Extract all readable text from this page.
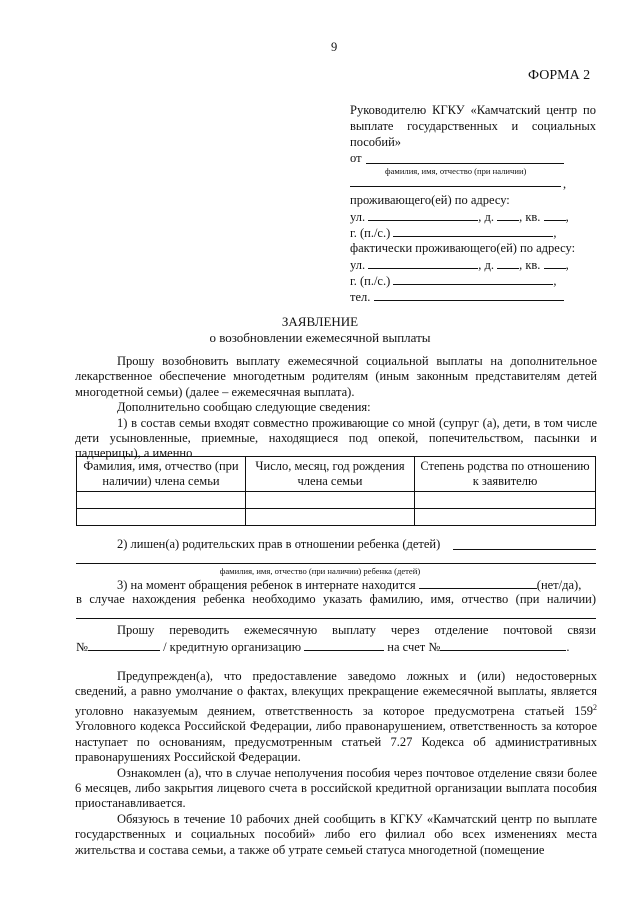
9
ФОРМА 2
Руководителю КГКУ «Камчатский центр по
выплате государственных и социальных
пособий»
от
фамилия, имя, отчество (при наличии)
,
проживающего(ей) по адресу:
ул.	, д. , кв. ,
г. (п./с.)	,
фактически проживающего(ей) по адресу:
ул.	, д. , кв. ,
г. (п./с.)	,
тел.
ЗАЯВЛЕНИЕ
о возобновлении ежемесячной выплаты
Прошу возобновить выплату ежемесячной социальной выплаты на дополнительное лекарственное обеспечение многодетным родителям (иным законным представителям детей многодетной семьи) (далее – ежемесячная выплата).
Дополнительно сообщаю следующие сведения:
1) в состав семьи входят совместно проживающие со мной (супруг (а), дети, в том числе дети усыновленные, приемные, находящиеся под опекой, попечительством, пасынки и падчерицы), а именно
Фамилия, имя, отчество (при наличии) члена семьи	Число, месяц, год рождения члена семьи	Степень родства по отношению к заявителю

2) лишен(а) родительских прав в отношении ребенка (детей)
фамилия, имя, отчество (при наличии) ребенка (детей)
3) на момент обращения ребенок в интернате находится	(нет/да),
в случае нахождения ребенка необходимо указать фамилию, имя, отчество (при наличии)
Прошу переводить ежемесячную выплату через отделение почтовой связи
№	/ кредитную организацию	на счет №	.
Предупрежден(а), что предоставление заведомо ложных и (или) недостоверных сведений, а равно умолчание о фактах, влекущих прекращение ежемесячной выплаты, является уголовно наказуемым деянием, ответственность за которое предусмотрена статьей $159^2$ Уголовного кодекса Российской Федерации, либо правонарушением, ответственность за которое наступает по основаниям, предусмотренным статьей 7.27 Кодекса об административных правонарушениях Российской Федерации.
Ознакомлен (а), что в случае неполучения пособия через почтовое отделение связи более 6 месяцев, либо закрытия лицевого счета в российской кредитной организации выплата пособия приостанавливается.
Обязуюсь в течение 10 рабочих дней сообщить в КГКУ «Камчатский центр по выплате государственных и социальных пособий» либо его филиал обо всех изменениях места жительства и состава семьи, а также об утрате семьей статуса многодетной (помещение
